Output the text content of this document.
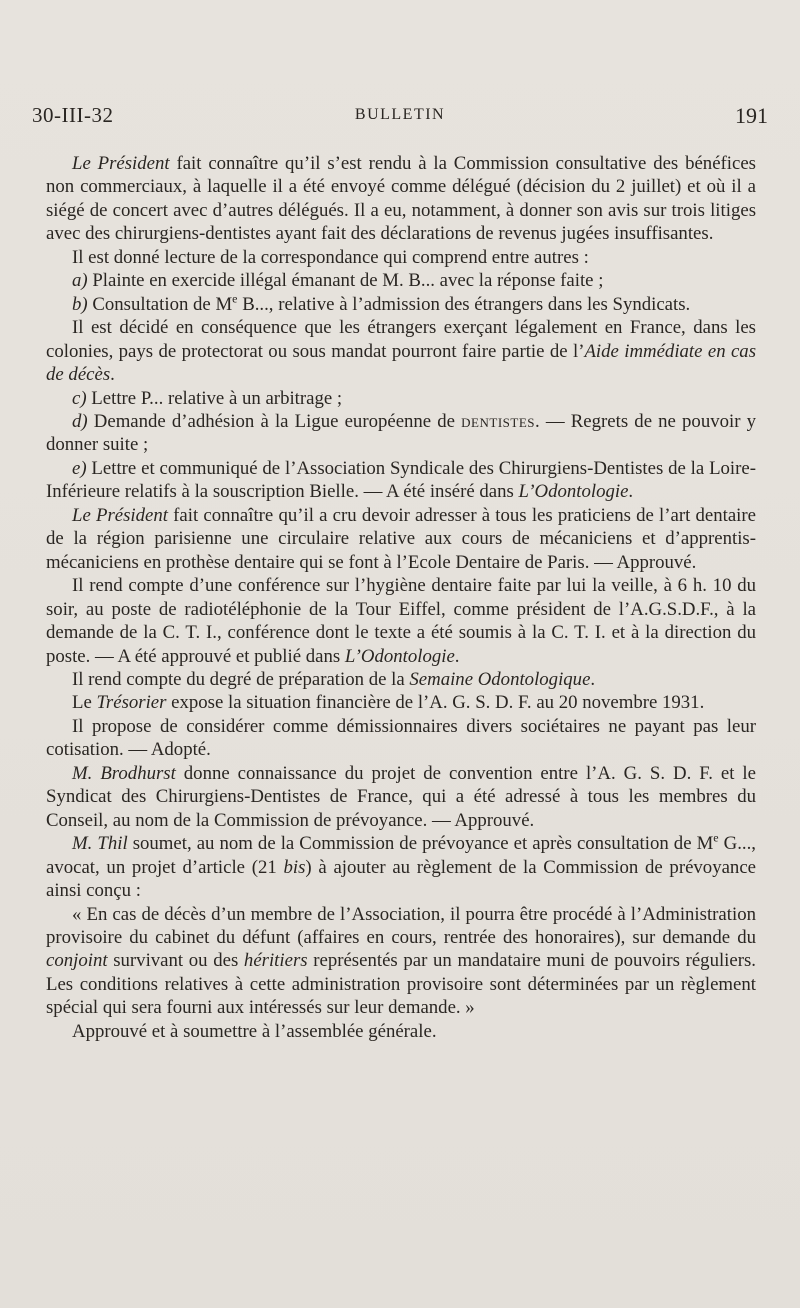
30-III-32	BULLETIN	191

Le Président fait connaître qu’il s’est rendu à la Commission consultative des bénéfices non commerciaux, à laquelle il a été envoyé comme délégué (décision du 2 juillet) et où il a siégé de concert avec d’autres délégués. Il a eu, notamment, à donner son avis sur trois litiges avec des chirurgiens-dentistes ayant fait des déclarations de revenus jugées insuffisantes.

Il est donné lecture de la correspondance qui comprend entre autres :

a) Plainte en exercide illégal émanant de M. B... avec la réponse faite ;

b) Consultation de Me B..., relative à l’admission des étrangers dans les Syndicats.

Il est décidé en conséquence que les étrangers exerçant légalement en France, dans les colonies, pays de protectorat ou sous mandat pourront faire partie de l’Aide immédiate en cas de décès.

c) Lettre P... relative à un arbitrage ;

d) Demande d’adhésion à la Ligue européenne de dentistes. — Regrets de ne pouvoir y donner suite ;

e) Lettre et communiqué de l’Association Syndicale des Chirurgiens-Dentistes de la Loire-Inférieure relatifs à la souscription Bielle. — A été inséré dans L’Odontologie.

Le Président fait connaître qu’il a cru devoir adresser à tous les praticiens de l’art dentaire de la région parisienne une circulaire relative aux cours de mécaniciens et d’apprentis-mécaniciens en prothèse dentaire qui se font à l’Ecole Dentaire de Paris. — Approuvé.

Il rend compte d’une conférence sur l’hygiène dentaire faite par lui la veille, à 6 h. 10 du soir, au poste de radiotéléphonie de la Tour Eiffel, comme président de l’A.G.S.D.F., à la demande de la C. T. I., conférence dont le texte a été soumis à la C. T. I. et à la direction du poste. — A été approuvé et publié dans L’Odontologie.

Il rend compte du degré de préparation de la Semaine Odontologique.

Le Trésorier expose la situation financière de l’A. G. S. D. F. au 20 novembre 1931.

Il propose de considérer comme démissionnaires divers sociétaires ne payant pas leur cotisation. — Adopté.

M. Brodhurst donne connaissance du projet de convention entre l’A. G. S. D. F. et le Syndicat des Chirurgiens-Dentistes de France, qui a été adressé à tous les membres du Conseil, au nom de la Commission de prévoyance. — Approuvé.

M. Thil soumet, au nom de la Commission de prévoyance et après consultation de Me G..., avocat, un projet d’article (21 bis) à ajouter au règlement de la Commission de prévoyance ainsi conçu :

« En cas de décès d’un membre de l’Association, il pourra être procédé à l’Administration provisoire du cabinet du défunt (affaires en cours, rentrée des honoraires), sur demande du conjoint survivant ou des héritiers représentés par un mandataire muni de pouvoirs réguliers. Les conditions relatives à cette administration provisoire sont déterminées par un règlement spécial qui sera fourni aux intéressés sur leur demande. »

Approuvé et à soumettre à l’assemblée générale.
